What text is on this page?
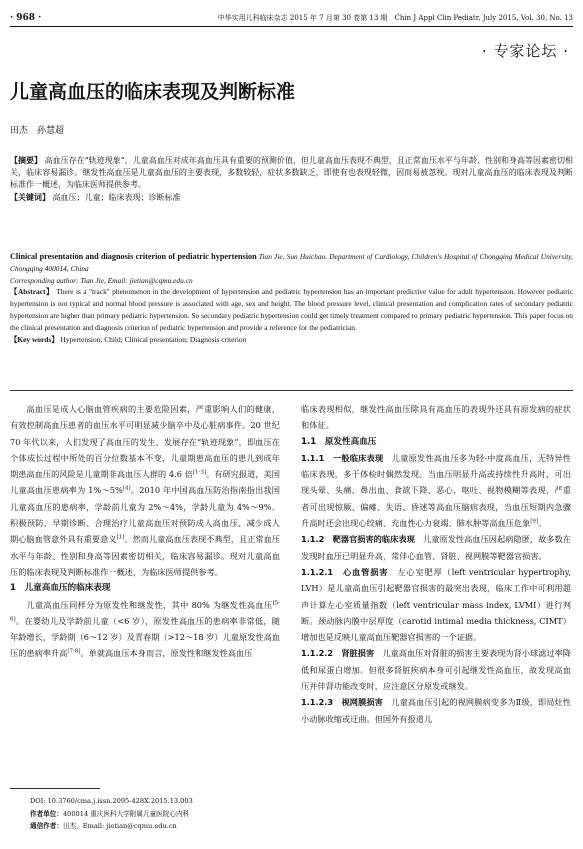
· 968 ·	中华实用儿科临床杂志 2015 年 7 月第 30 卷第 13 期　Chin J Appl Clin Pediatr, July 2015, Vol. 30, No. 13
· 专家论坛 ·
儿童高血压的临床表现及判断标准
田杰　孙慧超
【摘要】 高血压存在“轨迹现象”，儿童高血压对成年高血压具有重要的预测价值，但儿童高血压表现不典型，且正常血压水平与年龄、性别和身高等因素密切相关，临床容易漏诊。继发性高血压是儿童高血压的主要表现，多数较轻，症状多数缺乏，即使有也表现轻微，因而易被忽视。现对儿童高血压的临床表现及判断标准作一概述，为临床医师提供参考。
【关键词】 高血压；儿童；临床表现；诊断标准
Clinical presentation and diagnosis criterion of pediatric hypertension Tian Jie, Sun Huichao. Department of Cardiology, Children's Hospital of Chongqing Medical University, Chongqing 400014, China
Corresponding author: Tian Jie, Email: jietian@cqmu.edu.cn
【Abstract】 There is a "track" phenomenon in the development of hypertension and pediatric hypertension has an important predictive value for adult hypertension. However pediatric hypertension is not typical and normal blood pressure is associated with age, sex and height. The blood pressure level, clinical presentation and complication rates of secondary pediatric hypertension are higher than primary pediatric hypertension. So secondary pediatric hypertension could get timely treatment compared to primary pediatric hypertension. This paper focus on the clinical presentation and diagnosis criterion of pediatric hypertension and provide a reference for the pediatrician.
【Key words】 Hypertension; Child; Clinical presentation; Diagnosis criterion

高血压是成人心脑血管疾病的主要危险因素，严重影响人们的健康，有效控制高血压患者的血压水平可明显减少脑卒中及心脏病事件。20 世纪 70 年代以来，人们发现了高血压的发生、发展存在“轨迹现象”，即血压在个体成长过程中所处的百分位数基本不变，儿童期患高血压的患儿到成年期患高血压的风险是儿童期非高血压人群的 4.6 倍[1-3]。有研究报道，美国儿童高血压患病率为 1%～5%[4]。2010 年中国高血压防治指南指出我国儿童高血压的患病率，学龄前儿童为 2%～4%，学龄儿童为 4%～9%。积极预防、早期诊断、合理治疗儿童高血压对预防成人高血压、减少成人期心脑血管意外具有重要意义[1]。然而儿童高血压表现不典型，且正常血压水平与年龄、性别和身高等因素密切相关，临床容易漏诊。现对儿童高血压的临床表现及判断标准作一概述，为临床医师提供参考。

1　儿童高血压的临床表现

儿童高血压同样分为原发性和继发性，其中 80% 为继发性高血压[5-6]。在婴幼儿及学龄前儿童（<6 岁），原发性高血压的患病率非常低，随年龄增长，学龄期（6～12 岁）及青春期（>12～18 岁）儿童原发性高血压的患病率升高[7-8]。单就高血压本身而言，原发性和继发性高血压

临床表现相似，继发性高血压除具有高血压的表现外还具有原发病的症状和体征。

1.1　原发性高血压

1.1.1　一般临床表现　 儿童原发性高血压多为轻-中度高血压，无特异性临床表现，多于体检时偶然发现。当血压明显升高或持续性升高时，可出现头晕、头痛、鼻出血、食欲下降、恶心、呕吐、视物模糊等表现，严重者可出现惊厥、偏瘫、失语、昏迷等高血压脑病表现，当血压短期内急骤升高时还会出现心绞痛、充血性心力衰竭、肺水肿等高血压危象[9]。

1.1.2　靶器官损害的临床表现　 儿童原发性高血压因起病隐匿，故多数在发现时血压已明显升高，常伴心血管、肾脏、视网膜等靶器官损害。

1.1.2.1　心血管损害　 左心室肥厚（left ventricular hypertrophy, LVH）是儿童高血压引起靶器官损害的最突出表现，临床工作中可利用超声计算左心室质量指数（left ventricular mass index, LVMI）进行判断。颈动脉内膜中层厚度（carotid intimal media thickness, CIMT）增加也是反映儿童高血压靶器官损害的一个证据。

1.1.2.2　肾脏损害　 儿童高血压对肾脏的损害主要表现为肾小球滤过率降低和尿蛋白增加。但很多肾脏疾病本身可引起继发性高血压，故发现高血压并伴肾功能改变时，应注意区分原发或继发。

1.1.2.3　视网膜损害　 儿童高血压引起的视网膜病变多为Ⅱ级，即局灶性小动脉收缩或迂曲。但国外有报道儿

DOI: 10.3760/cma.j.issn.2095-428X.2015.13.003
作者单位：400014 重庆医科大学附属儿童医院心内科
通信作者：田杰，Email: jietian@cqmu.edu.cn
